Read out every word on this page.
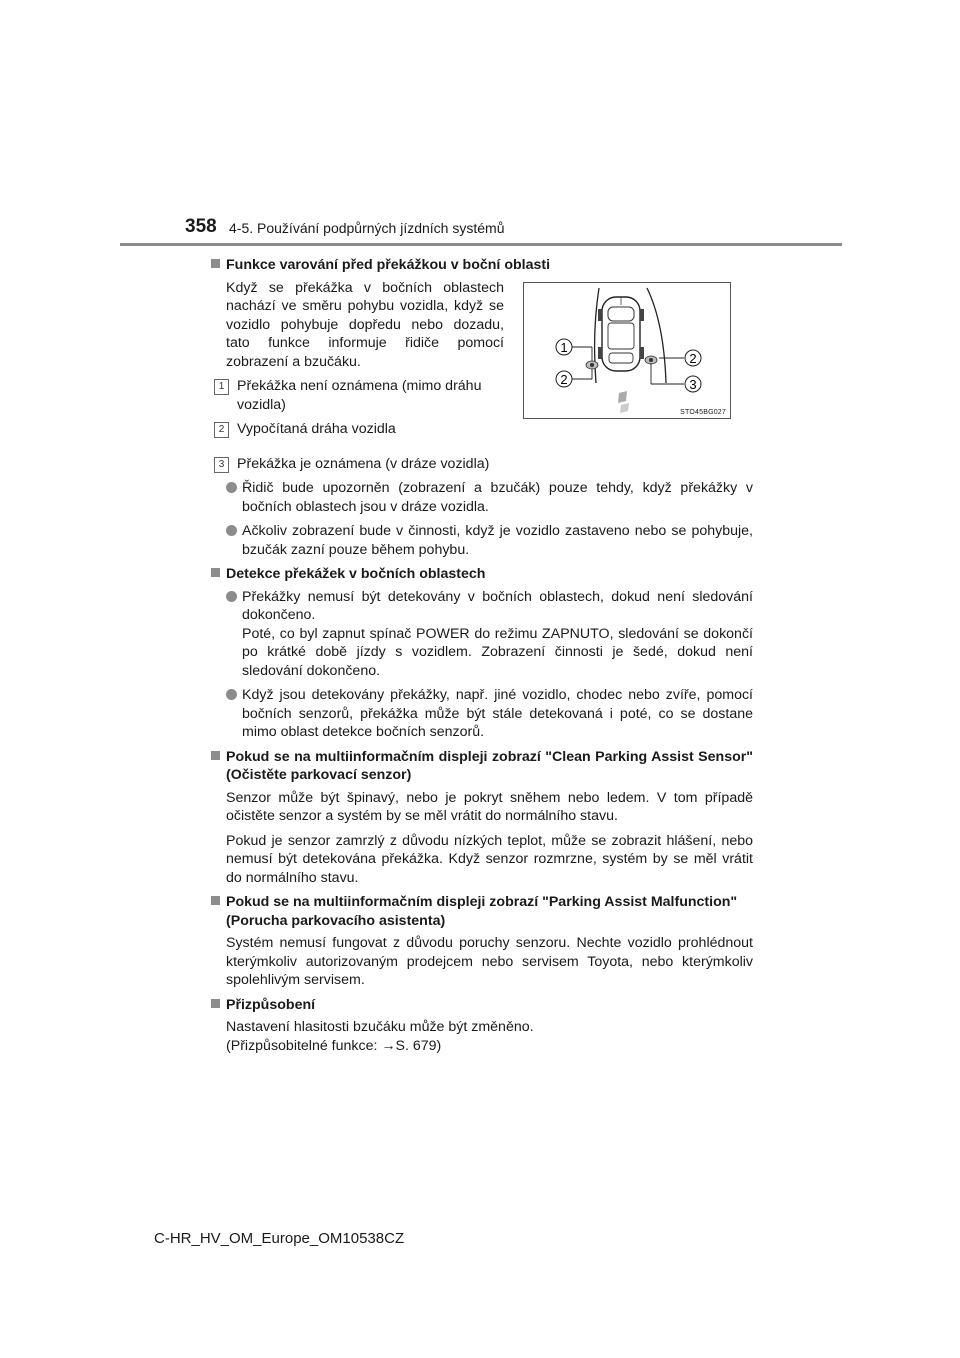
358 4-5. Používání podpůrných jízdních systémů
Funkce varování před překážkou v boční oblasti
Když se překážka v bočních oblastech nachází ve směru pohybu vozidla, když se vozidlo pohybuje dopředu nebo dozadu, tato funkce informuje řidiče pomocí zobrazení a bzučáku.
1 Překážka není oznámena (mimo dráhu vozidla)
2 Vypočítaná dráha vozidla
3 Překážka je oznámena (v dráze vozidla)
Řidič bude upozorněn (zobrazení a bzučák) pouze tehdy, když překážky v bočních oblastech jsou v dráze vozidla.
Ačkoliv zobrazení bude v činnosti, když je vozidlo zastaveno nebo se pohybuje, bzučák zazní pouze během pohybu.
Detekce překážek v bočních oblastech
Překážky nemusí být detekovány v bočních oblastech, dokud není sledování dokončeno.
Poté, co byl zapnut spínač POWER do režimu ZAPNUTO, sledování se dokončí po krátké době jízdy s vozidlem. Zobrazení činnosti je šedé, dokud není sledování dokončeno.
Když jsou detekovány překážky, např. jiné vozidlo, chodec nebo zvíře, pomocí bočních senzorů, překážka může být stále detekovaná i poté, co se dostane mimo oblast detekce bočních senzorů.
Pokud se na multiinformačním displeji zobrazí "Clean Parking Assist Sensor" (Očistěte parkovací senzor)
Senzor může být špinavý, nebo je pokryt sněhem nebo ledem. V tom případě očistěte senzor a systém by se měl vrátit do normálního stavu.
Pokud je senzor zamrzlý z důvodu nízkých teplot, může se zobrazit hlášení, nebo nemusí být detekována překážka. Když senzor rozmrzne, systém by se měl vrátit do normálního stavu.
Pokud se na multiinformačním displeji zobrazí "Parking Assist Malfunction" (Porucha parkovacího asistenta)
Systém nemusí fungovat z důvodu poruchy senzoru. Nechte vozidlo prohlédnout kterýmkoliv autorizovaným prodejcem nebo servisem Toyota, nebo kterýmkoliv spolehlivým servisem.
Přizpůsobení
Nastavení hlasitosti bzučáku může být změněno.
(Přizpůsobitelné funkce: →S. 679)
1
2
2
3
STO45BG027
C-HR_HV_OM_Europe_OM10538CZ
